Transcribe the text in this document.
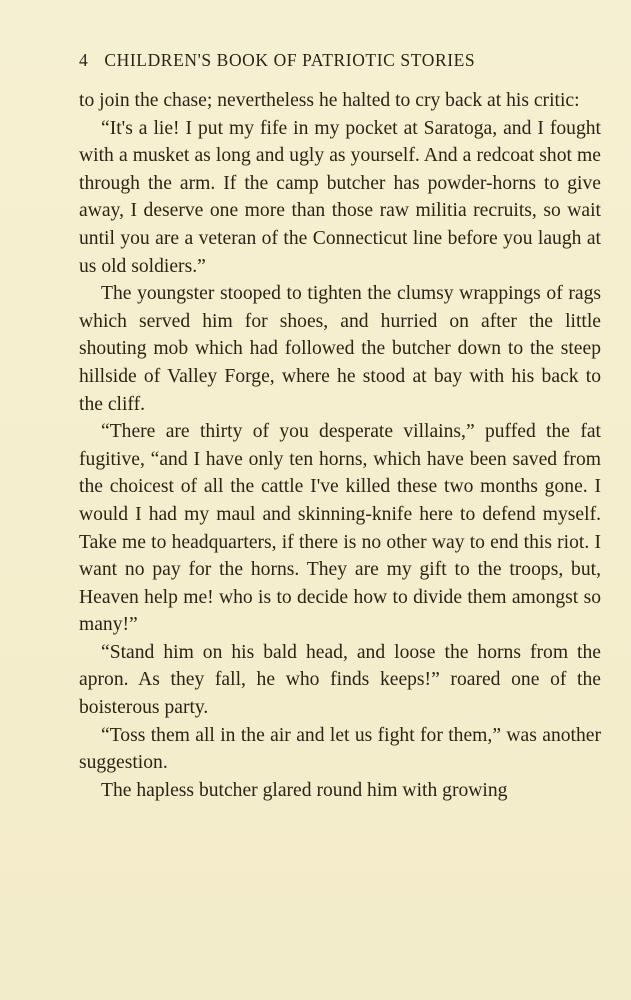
4 CHILDREN'S BOOK OF PATRIOTIC STORIES

to join the chase; nevertheless he halted to cry back at his critic:

“It's a lie! I put my fife in my pocket at Saratoga, and I fought with a musket as long and ugly as yourself. And a redcoat shot me through the arm. If the camp butcher has powder-horns to give away, I deserve one more than those raw militia recruits, so wait until you are a veteran of the Connecticut line before you laugh at us old soldiers.”

The youngster stooped to tighten the clumsy wrappings of rags which served him for shoes, and hurried on after the little shouting mob which had followed the butcher down to the steep hillside of Valley Forge, where he stood at bay with his back to the cliff.

“There are thirty of you desperate villains,” puffed the fat fugitive, “and I have only ten horns, which have been saved from the choicest of all the cattle I've killed these two months gone. I would I had my maul and skinning-knife here to defend myself. Take me to headquarters, if there is no other way to end this riot. I want no pay for the horns. They are my gift to the troops, but, Heaven help me! who is to decide how to divide them amongst so many!”

“Stand him on his bald head, and loose the horns from the apron. As they fall, he who finds keeps!” roared one of the boisterous party.

“Toss them all in the air and let us fight for them,” was another suggestion.

The hapless butcher glared round him with growing
